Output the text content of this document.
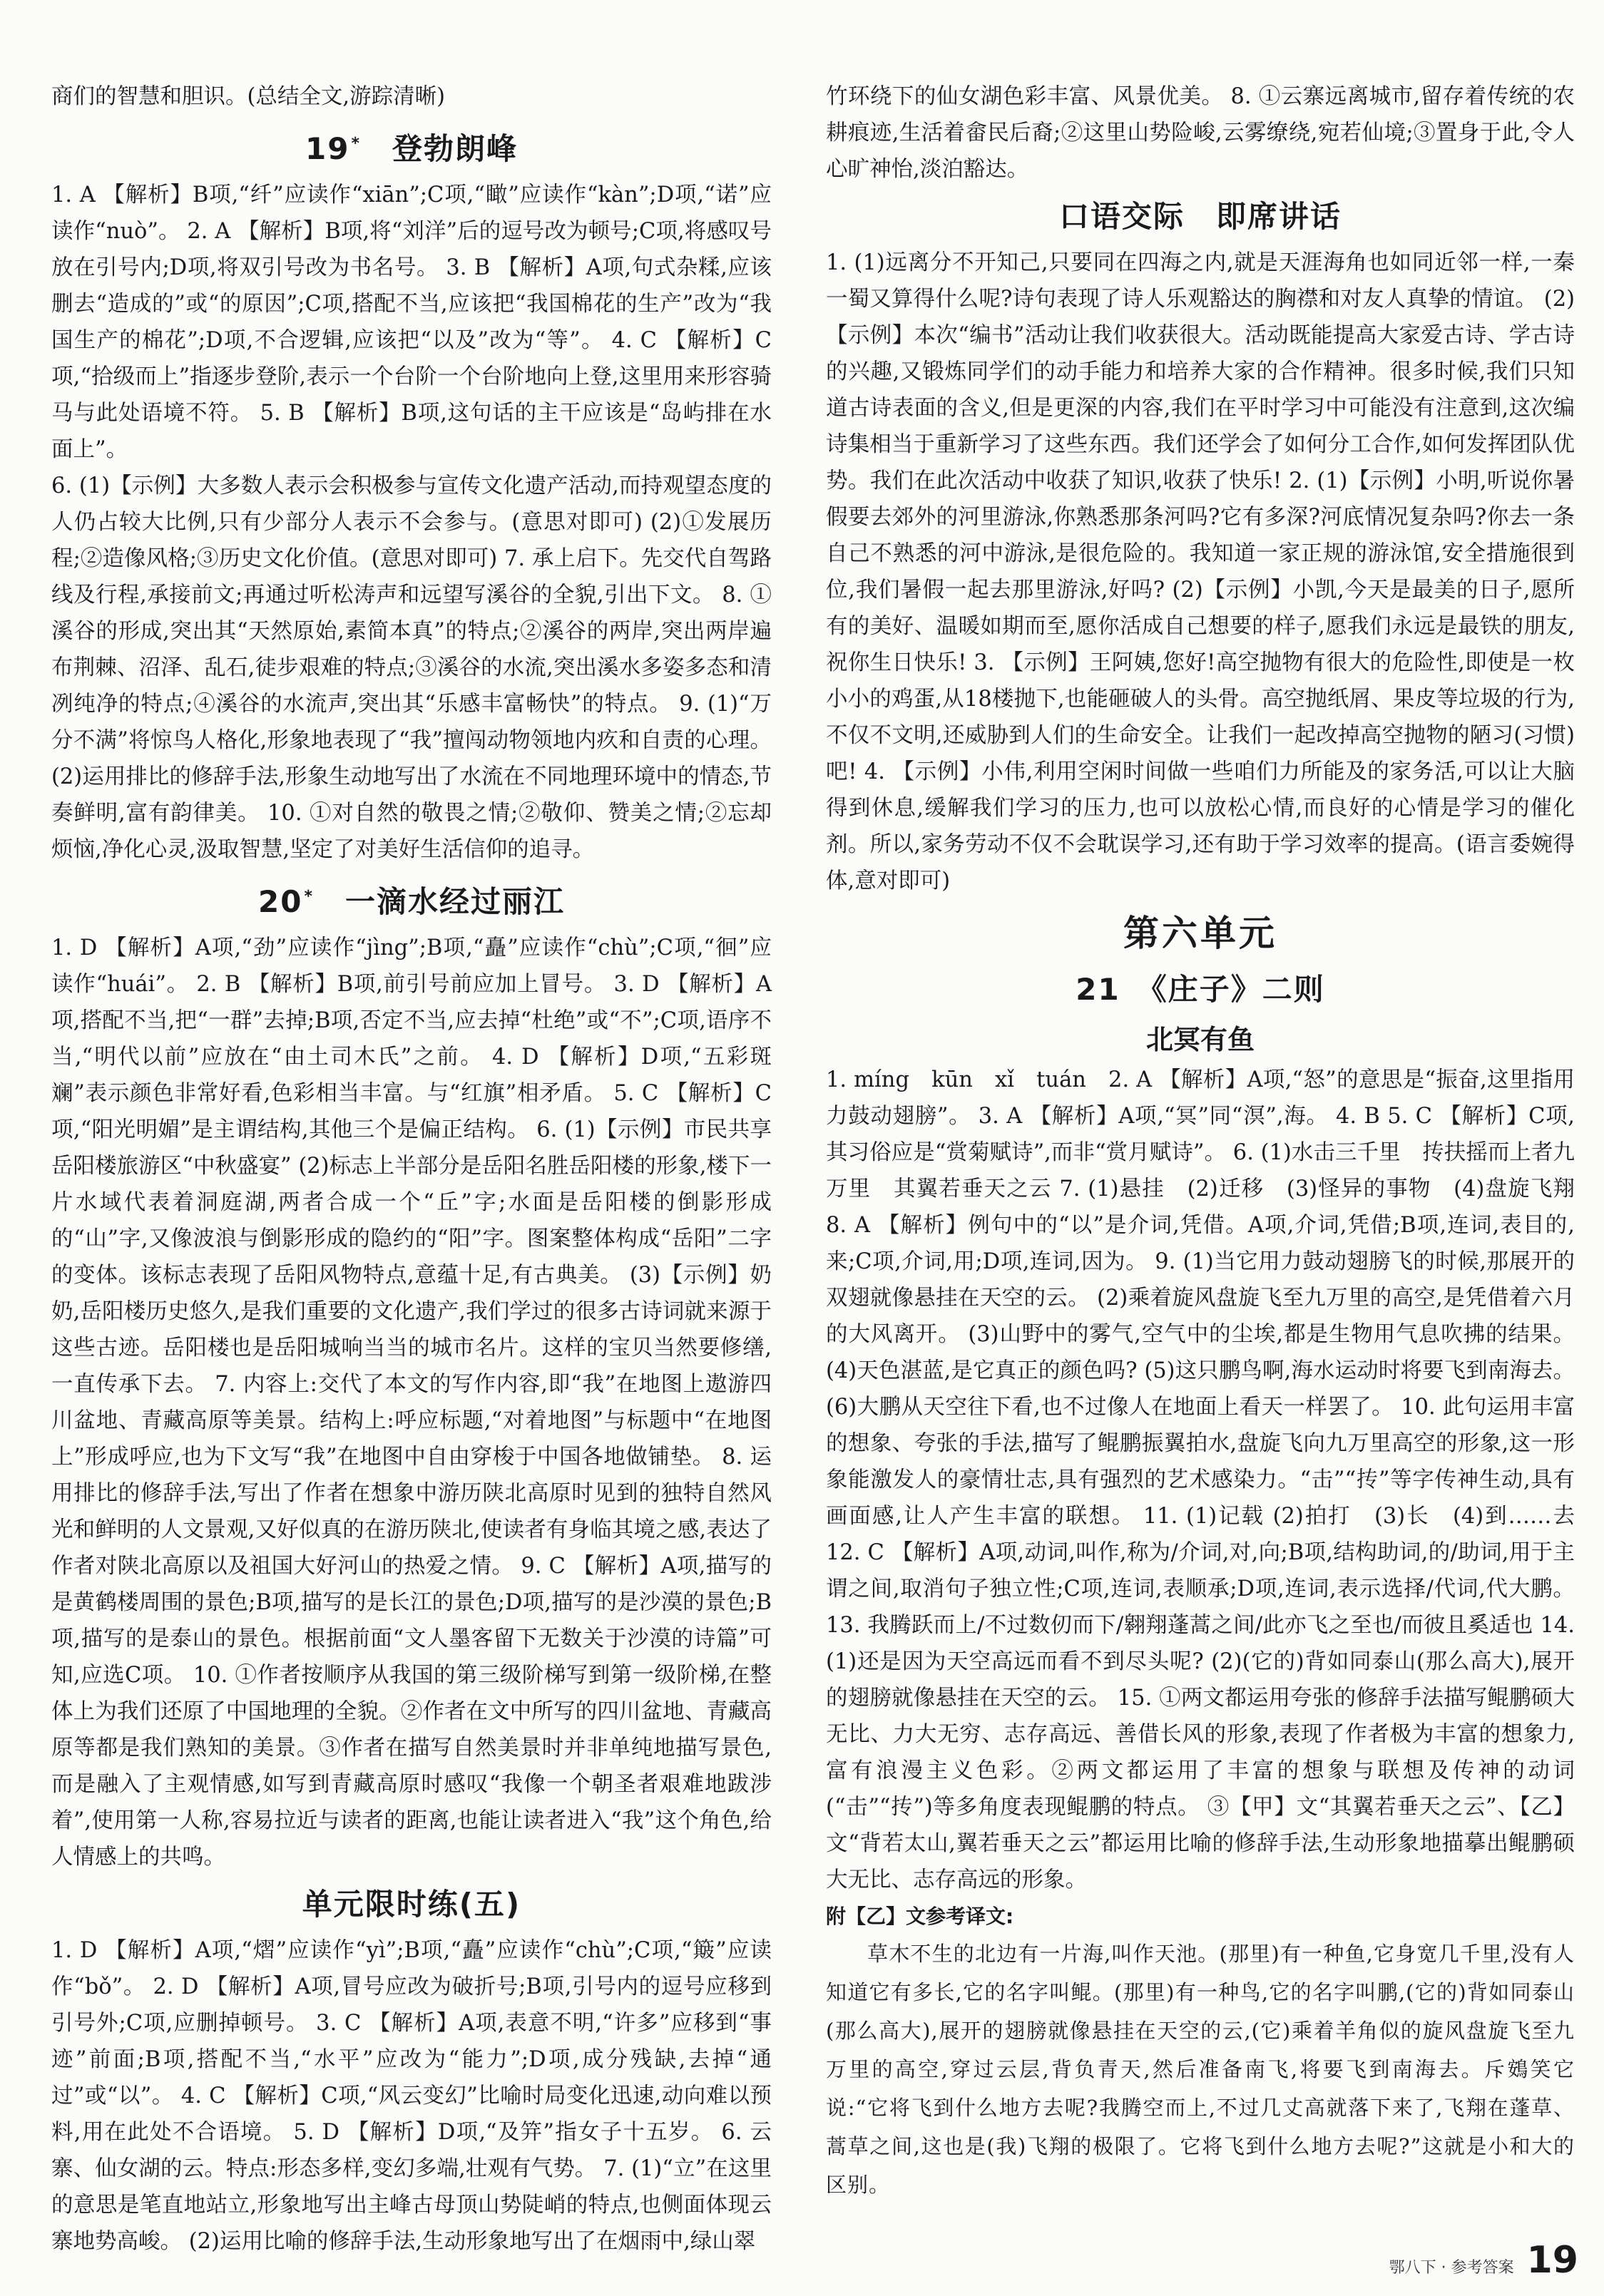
商们的智慧和胆识。(总结全文,游踪清晰)

19* 登勃朗峰

1. A 【解析】B项,“纤”应读作“xiān”;C项,“瞰”应读作“kàn”;D项,“诺”应读作“nuò”。 2. A 【解析】B项,将“刘洋”后的逗号改为顿号;C项,将感叹号放在引号内;D项,将双引号改为书名号。 3. B 【解析】A项,句式杂糅,应该删去“造成的”或“的原因”;C项,搭配不当,应该把“我国棉花的生产”改为“我国生产的棉花”;D项,不合逻辑,应该把“以及”改为“等”。 4. C 【解析】C项,“拾级而上”指逐步登阶,表示一个台阶一个台阶地向上登,这里用来形容骑马与此处语境不符。 5. B 【解析】B项,这句话的主干应该是“岛屿排在水面上”。

6. (1)【示例】大多数人表示会积极参与宣传文化遗产活动,而持观望态度的人仍占较大比例,只有少部分人表示不会参与。(意思对即可) (2)①发展历程;②造像风格;③历史文化价值。(意思对即可) 7. 承上启下。先交代自驾路线及行程,承接前文;再通过听松涛声和远望写溪谷的全貌,引出下文。 8. ①溪谷的形成,突出其“天然原始,素简本真”的特点;②溪谷的两岸,突出两岸遍布荆棘、沼泽、乱石,徒步艰难的特点;③溪谷的水流,突出溪水多姿多态和清冽纯净的特点;④溪谷的水流声,突出其“乐感丰富畅快”的特点。 9. (1)“万分不满”将惊鸟人格化,形象地表现了“我”擅闯动物领地内疚和自责的心理。 (2)运用排比的修辞手法,形象生动地写出了水流在不同地理环境中的情态,节奏鲜明,富有韵律美。 10. ①对自然的敬畏之情;②敬仰、赞美之情;②忘却烦恼,净化心灵,汲取智慧,坚定了对美好生活信仰的追寻。

20* 一滴水经过丽江

1. D 【解析】A项,“劲”应读作“jìng”;B项,“矗”应读作“chù”;C项,“徊”应读作“huái”。 2. B 【解析】B项,前引号前应加上冒号。 3. D 【解析】A项,搭配不当,把“一群”去掉;B项,否定不当,应去掉“杜绝”或“不”;C项,语序不当,“明代以前”应放在“由土司木氏”之前。 4. D 【解析】D项,“五彩斑斓”表示颜色非常好看,色彩相当丰富。与“红旗”相矛盾。 5. C 【解析】C项,“阳光明媚”是主谓结构,其他三个是偏正结构。 6. (1)【示例】市民共享岳阳楼旅游区“中秋盛宴” (2)标志上半部分是岳阳名胜岳阳楼的形象,楼下一片水域代表着洞庭湖,两者合成一个“丘”字;水面是岳阳楼的倒影形成的“山”字,又像波浪与倒影形成的隐约的“阳”字。图案整体构成“岳阳”二字的变体。该标志表现了岳阳风物特点,意蕴十足,有古典美。 (3)【示例】奶奶,岳阳楼历史悠久,是我们重要的文化遗产,我们学过的很多古诗词就来源于这些古迹。岳阳楼也是岳阳城响当当的城市名片。这样的宝贝当然要修缮,一直传承下去。 7. 内容上:交代了本文的写作内容,即“我”在地图上遨游四川盆地、青藏高原等美景。结构上:呼应标题,“对着地图”与标题中“在地图上”形成呼应,也为下文写“我”在地图中自由穿梭于中国各地做铺垫。 8. 运用排比的修辞手法,写出了作者在想象中游历陕北高原时见到的独特自然风光和鲜明的人文景观,又好似真的在游历陕北,使读者有身临其境之感,表达了作者对陕北高原以及祖国大好河山的热爱之情。 9. C 【解析】A项,描写的是黄鹤楼周围的景色;B项,描写的是长江的景色;D项,描写的是沙漠的景色;B项,描写的是泰山的景色。根据前面“文人墨客留下无数关于沙漠的诗篇”可知,应选C项。 10. ①作者按顺序从我国的第三级阶梯写到第一级阶梯,在整体上为我们还原了中国地理的全貌。②作者在文中所写的四川盆地、青藏高原等都是我们熟知的美景。③作者在描写自然美景时并非单纯地描写景色,而是融入了主观情感,如写到青藏高原时感叹“我像一个朝圣者艰难地跋涉着”,使用第一人称,容易拉近与读者的距离,也能让读者进入“我”这个角色,给人情感上的共鸣。

单元限时练(五)

1. D 【解析】A项,“熠”应读作“yì”;B项,“矗”应读作“chù”;C项,“簸”应读作“bǒ”。 2. D 【解析】A项,冒号应改为破折号;B项,引号内的逗号应移到引号外;C项,应删掉顿号。 3. C 【解析】A项,表意不明,“许多”应移到“事迹”前面;B项,搭配不当,“水平”应改为“能力”;D项,成分残缺,去掉“通过”或“以”。 4. C 【解析】C项,“风云变幻”比喻时局变化迅速,动向难以预料,用在此处不合语境。 5. D 【解析】D项,“及笄”指女子十五岁。 6. 云寨、仙女湖的云。特点:形态多样,变幻多端,壮观有气势。 7. (1)“立”在这里的意思是笔直地站立,形象地写出主峰古母顶山势陡峭的特点,也侧面体现云寨地势高峻。 (2)运用比喻的修辞手法,生动形象地写出了在烟雨中,绿山翠

竹环绕下的仙女湖色彩丰富、风景优美。 8. ①云寨远离城市,留存着传统的农耕痕迹,生活着畲民后裔;②这里山势险峻,云雾缭绕,宛若仙境;③置身于此,令人心旷神怡,淡泊豁达。

口语交际　即席讲话

1. (1)远离分不开知己,只要同在四海之内,就是天涯海角也如同近邻一样,一秦一蜀又算得什么呢?诗句表现了诗人乐观豁达的胸襟和对友人真挚的情谊。 (2)【示例】本次“编书”活动让我们收获很大。活动既能提高大家爱古诗、学古诗的兴趣,又锻炼同学们的动手能力和培养大家的合作精神。很多时候,我们只知道古诗表面的含义,但是更深的内容,我们在平时学习中可能没有注意到,这次编诗集相当于重新学习了这些东西。我们还学会了如何分工合作,如何发挥团队优势。我们在此次活动中收获了知识,收获了快乐! 2. (1)【示例】小明,听说你暑假要去郊外的河里游泳,你熟悉那条河吗?它有多深?河底情况复杂吗?你去一条自己不熟悉的河中游泳,是很危险的。我知道一家正规的游泳馆,安全措施很到位,我们暑假一起去那里游泳,好吗? (2)【示例】小凯,今天是最美的日子,愿所有的美好、温暖如期而至,愿你活成自己想要的样子,愿我们永远是最铁的朋友,祝你生日快乐! 3. 【示例】王阿姨,您好!高空抛物有很大的危险性,即使是一枚小小的鸡蛋,从18楼抛下,也能砸破人的头骨。高空抛纸屑、果皮等垃圾的行为,不仅不文明,还威胁到人们的生命安全。让我们一起改掉高空抛物的陋习(习惯)吧! 4. 【示例】小伟,利用空闲时间做一些咱们力所能及的家务活,可以让大脑得到休息,缓解我们学习的压力,也可以放松心情,而良好的心情是学习的催化剂。所以,家务劳动不仅不会耽误学习,还有助于学习效率的提高。(语言委婉得体,意对即可)

第六单元
21　《庄子》二则
北冥有鱼

1. míng　kūn　xǐ　tuán　2. A 【解析】A项,“怒”的意思是“振奋,这里指用力鼓动翅膀”。 3. A 【解析】A项,“冥”同“溟”,海。 4. B 5. C 【解析】C项,其习俗应是“赏菊赋诗”,而非“赏月赋诗”。 6. (1)水击三千里　抟扶摇而上者九万里　其翼若垂天之云 7. (1)悬挂　(2)迁移　(3)怪异的事物　(4)盘旋飞翔 8. A 【解析】例句中的“以”是介词,凭借。A项,介词,凭借;B项,连词,表目的,来;C项,介词,用;D项,连词,因为。 9. (1)当它用力鼓动翅膀飞的时候,那展开的双翅就像悬挂在天空的云。 (2)乘着旋风盘旋飞至九万里的高空,是凭借着六月的大风离开。 (3)山野中的雾气,空气中的尘埃,都是生物用气息吹拂的结果。 (4)天色湛蓝,是它真正的颜色吗? (5)这只鹏鸟啊,海水运动时将要飞到南海去。 (6)大鹏从天空往下看,也不过像人在地面上看天一样罢了。 10. 此句运用丰富的想象、夸张的手法,描写了鲲鹏振翼拍水,盘旋飞向九万里高空的形象,这一形象能激发人的豪情壮志,具有强烈的艺术感染力。“击”“抟”等字传神生动,具有画面感,让人产生丰富的联想。 11. (1)记载 (2)拍打　(3)长　(4)到……去 12. C 【解析】A项,动词,叫作,称为/介词,对,向;B项,结构助词,的/助词,用于主谓之间,取消句子独立性;C项,连词,表顺承;D项,连词,表示选择/代词,代大鹏。 13. 我腾跃而上/不过数仞而下/翱翔蓬蒿之间/此亦飞之至也/而彼且奚适也 14. (1)还是因为天空高远而看不到尽头呢? (2)(它的)背如同泰山(那么高大),展开的翅膀就像悬挂在天空的云。 15. ①两文都运用夸张的修辞手法描写鲲鹏硕大无比、力大无穷、志存高远、善借长风的形象,表现了作者极为丰富的想象力,富有浪漫主义色彩。②两文都运用了丰富的想象与联想及传神的动词(“击”“抟”)等多角度表现鲲鹏的特点。 ③【甲】文“其翼若垂天之云”、【乙】文“背若太山,翼若垂天之云”都运用比喻的修辞手法,生动形象地描摹出鲲鹏硕大无比、志存高远的形象。

附【乙】文参考译文:

草木不生的北边有一片海,叫作天池。(那里)有一种鱼,它身宽几千里,没有人知道它有多长,它的名字叫鲲。(那里)有一种鸟,它的名字叫鹏,(它的)背如同泰山(那么高大),展开的翅膀就像悬挂在天空的云,(它)乘着羊角似的旋风盘旋飞至九万里的高空,穿过云层,背负青天,然后准备南飞,将要飞到南海去。斥鴳笑它说:“它将飞到什么地方去呢?我腾空而上,不过几丈高就落下来了,飞翔在蓬草、蒿草之间,这也是(我)飞翔的极限了。它将飞到什么地方去呢?”这就是小和大的区别。

鄂八下 · 参考答案 19
